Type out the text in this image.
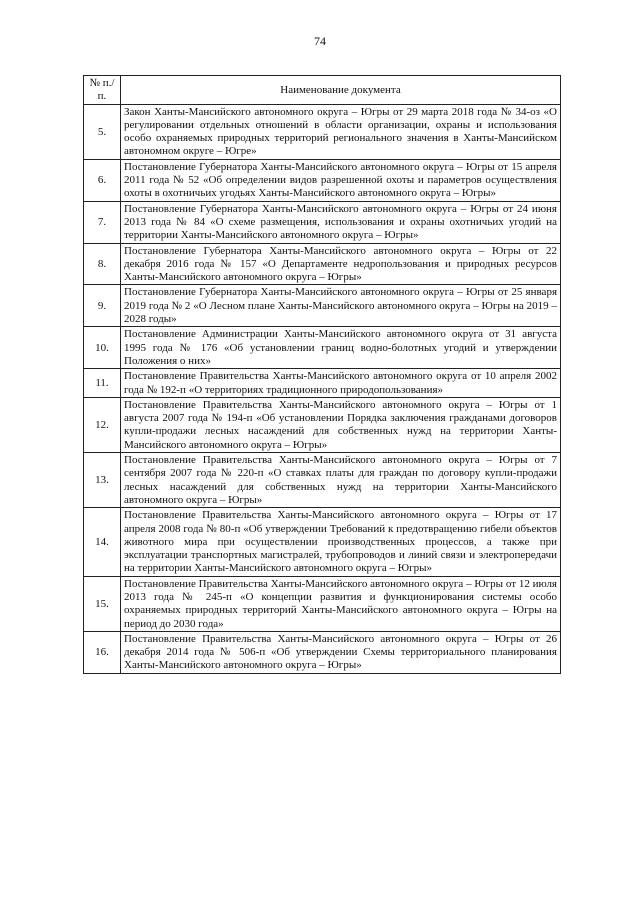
74
№ п./п.	Наименование документа
5.	Закон Ханты-Мансийского автономного округа – Югры от 29 марта 2018 года № 34-оз «О регулировании отдельных отношений в области организации, охраны и использования особо охраняемых природных территорий регионального значения в Ханты-Мансийском автономном округе – Югре»
6.	Постановление Губернатора Ханты-Мансийского автономного округа – Югры от 15 апреля 2011 года № 52 «Об определении видов разрешенной охоты и параметров осуществления охоты в охотничьих угодьях Ханты-Мансийского автономного округа – Югры»
7.	Постановление Губернатора Ханты-Мансийского автономного округа – Югры от 24 июня 2013 года № 84 «О схеме размещения, использования и охраны охотничьих угодий на территории Ханты-Мансийского автономного округа – Югры»
8.	Постановление Губернатора Ханты-Мансийского автономного округа – Югры от 22 декабря 2016 года № 157 «О Департаменте недропользования и природных ресурсов Ханты-Мансийского автономного округа – Югры»
9.	Постановление Губернатора Ханты-Мансийского автономного округа – Югры от 25 января 2019 года № 2 «О Лесном плане Ханты-Мансийского автономного округа – Югры на 2019 – 2028 годы»
10.	Постановление Администрации Ханты-Мансийского автономного округа от 31 августа 1995 года № 176 «Об установлении границ водно-болотных угодий и утверждении Положения о них»
11.	Постановление Правительства Ханты-Мансийского автономного округа от 10 апреля 2002 года № 192-п «О территориях традиционного природопользования»
12.	Постановление Правительства Ханты-Мансийского автономного округа – Югры от 1 августа 2007 года № 194-п «Об установлении Порядка заключения гражданами договоров купли-продажи лесных насаждений для собственных нужд на территории Ханты-Мансийского автономного округа – Югры»
13.	Постановление Правительства Ханты-Мансийского автономного округа – Югры от 7 сентября 2007 года № 220-п «О ставках платы для граждан по договору купли-продажи лесных насаждений для собственных нужд на территории Ханты-Мансийского автономного округа – Югры»
14.	Постановление Правительства Ханты-Мансийского автономного округа – Югры от 17 апреля 2008 года № 80-п «Об утверждении Требований к предотвращению гибели объектов животного мира при осуществлении производственных процессов, а также при эксплуатации транспортных магистралей, трубопроводов и линий связи и электропередачи на территории Ханты-Мансийского автономного округа – Югры»
15.	Постановление Правительства Ханты-Мансийского автономного округа – Югры от 12 июля 2013 года № 245-п «О концепции развития и функционирования системы особо охраняемых природных территорий Ханты-Мансийского автономного округа – Югры на период до 2030 года»
16.	Постановление Правительства Ханты-Мансийского автономного округа – Югры от 26 декабря 2014 года № 506-п «Об утверждении Схемы территориального планирования Ханты-Мансийского автономного округа – Югры»
